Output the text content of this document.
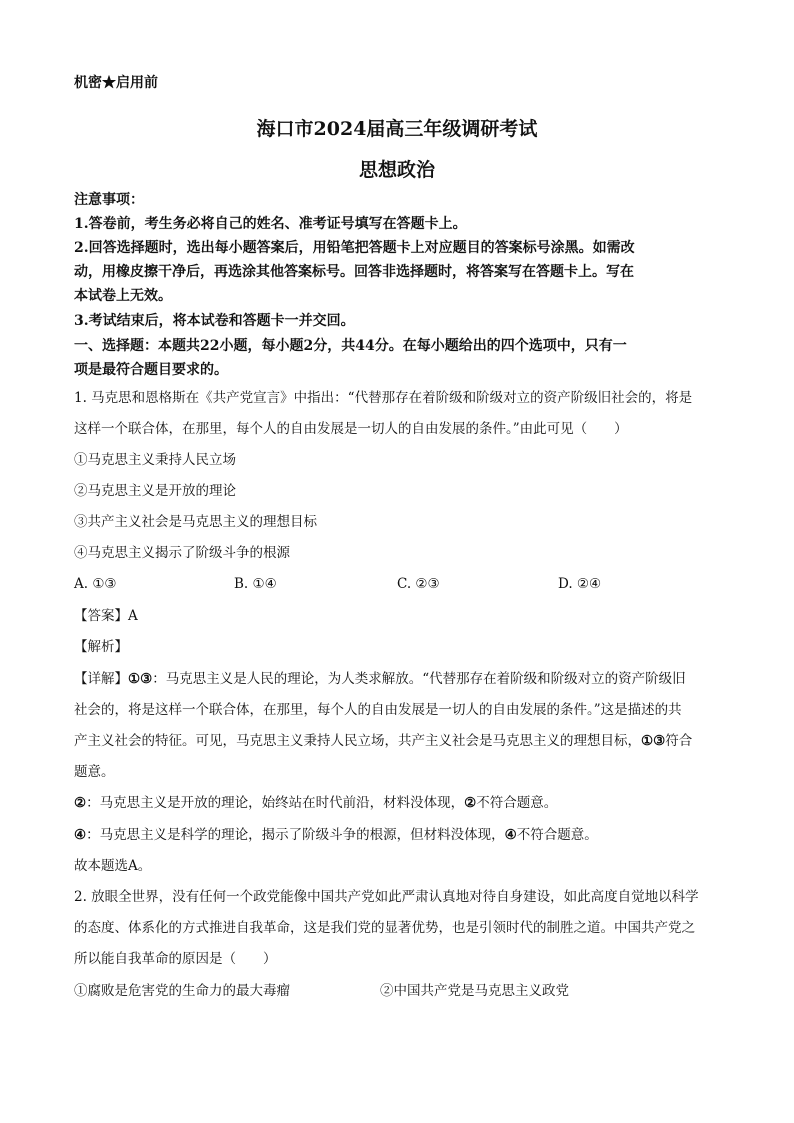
机密★启用前
海口市2024届高三年级调研考试
思想政治
注意事项：
1.答卷前，考生务必将自己的姓名、准考证号填写在答题卡上。
2.回答选择题时，选出每小题答案后，用铅笔把答题卡上对应题目的答案标号涂黑。如需改
动，用橡皮擦干净后，再选涂其他答案标号。回答非选择题时，将答案写在答题卡上。写在
本试卷上无效。
3.考试结束后，将本试卷和答题卡一并交回。
一、选择题：本题共22小题，每小题2分，共44分。在每小题给出的四个选项中，只有一
项是最符合题目要求的。
1. 马克思和恩格斯在《共产党宣言》中指出：“代替那存在着阶级和阶级对立的资产阶级旧社会的，将是
这样一个联合体，在那里，每个人的自由发展是一切人的自由发展的条件。”由此可见（　　）
①马克思主义秉持人民立场
②马克思主义是开放的理论
③共产主义社会是马克思主义的理想目标
④马克思主义揭示了阶级斗争的根源
A. ①③	B. ①④	C. ②③	D. ②④
【答案】A
【解析】
【详解】①③：马克思主义是人民的理论，为人类求解放。“代替那存在着阶级和阶级对立的资产阶级旧
社会的，将是这样一个联合体，在那里，每个人的自由发展是一切人的自由发展的条件。”这是描述的共
产主义社会的特征。可见，马克思主义秉持人民立场，共产主义社会是马克思主义的理想目标，①③符合
题意。
②：马克思主义是开放的理论，始终站在时代前沿，材料没体现，②不符合题意。
④：马克思主义是科学的理论，揭示了阶级斗争的根源，但材料没体现，④不符合题意。
故本题选A。
2. 放眼全世界，没有任何一个政党能像中国共产党如此严肃认真地对待自身建设，如此高度自觉地以科学
的态度、体系化的方式推进自我革命，这是我们党的显著优势，也是引领时代的制胜之道。中国共产党之
所以能自我革命的原因是（　　）
①腐败是危害党的生命力的最大毒瘤	②中国共产党是马克思主义政党
